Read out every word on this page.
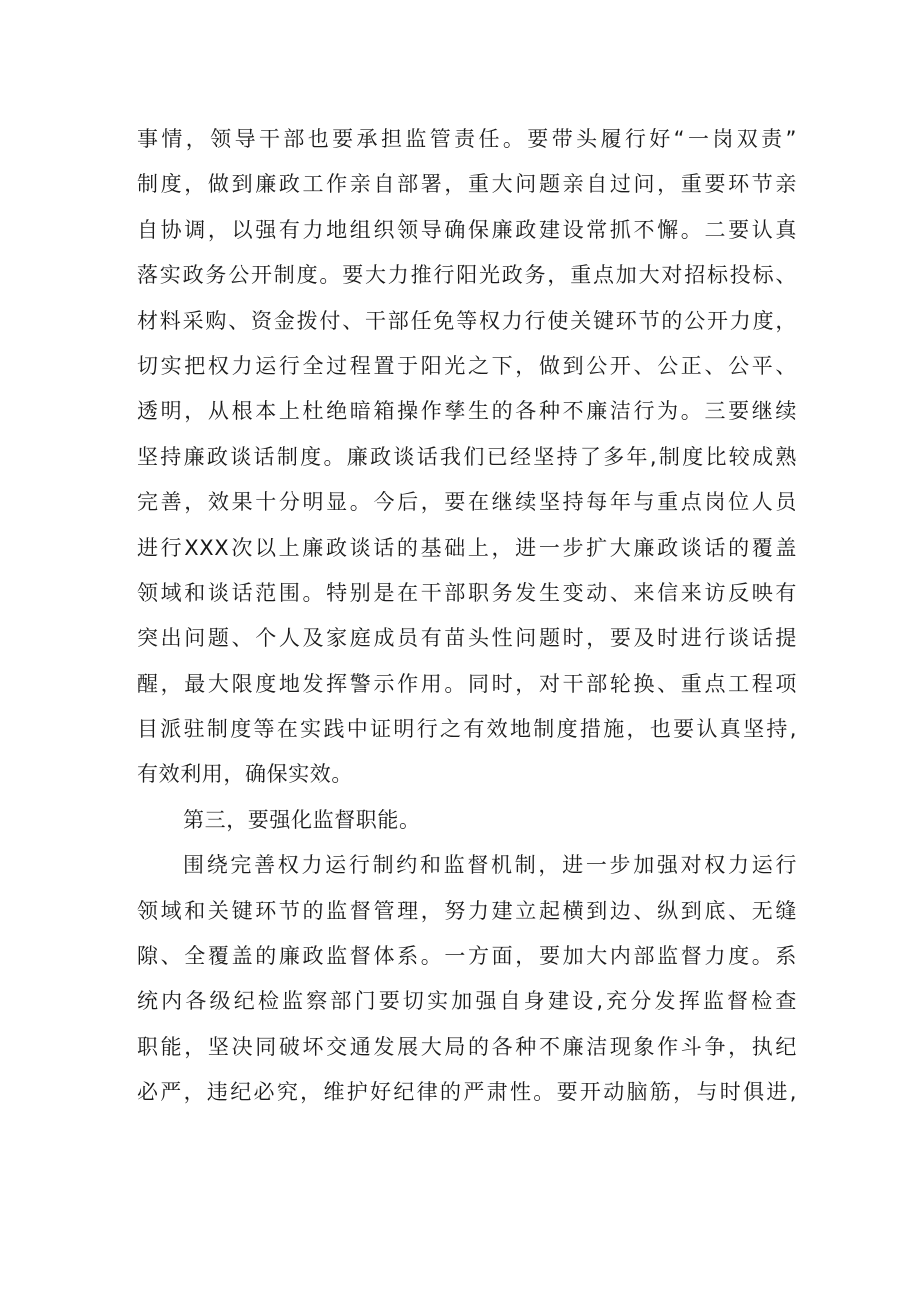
事情，领导干部也要承担监管责任。要带头履行好“一岗双责”
制度，做到廉政工作亲自部署，重大问题亲自过问，重要环节亲
自协调，以强有力地组织领导确保廉政建设常抓不懈。二要认真
落实政务公开制度。要大力推行阳光政务，重点加大对招标投标、
材料采购、资金拨付、干部任免等权力行使关键环节的公开力度，
切实把权力运行全过程置于阳光之下，做到公开、公正、公平、
透明，从根本上杜绝暗箱操作孳生的各种不廉洁行为。三要继续
坚持廉政谈话制度。廉政谈话我们已经坚持了多年,制度比较成熟
完善，效果十分明显。今后，要在继续坚持每年与重点岗位人员
进行XXX次以上廉政谈话的基础上，进一步扩大廉政谈话的覆盖
领域和谈话范围。特别是在干部职务发生变动、来信来访反映有
突出问题、个人及家庭成员有苗头性问题时，要及时进行谈话提
醒，最大限度地发挥警示作用。同时，对干部轮换、重点工程项
目派驻制度等在实践中证明行之有效地制度措施，也要认真坚持,
有效利用，确保实效。
第三，要强化监督职能。
围绕完善权力运行制约和监督机制，进一步加强对权力运行
领域和关键环节的监督管理，努力建立起横到边、纵到底、无缝
隙、全覆盖的廉政监督体系。一方面，要加大内部监督力度。系
统内各级纪检监察部门要切实加强自身建设,充分发挥监督检查
职能，坚决同破坏交通发展大局的各种不廉洁现象作斗争，执纪
必严，违纪必究，维护好纪律的严肃性。要开动脑筋，与时俱进,
